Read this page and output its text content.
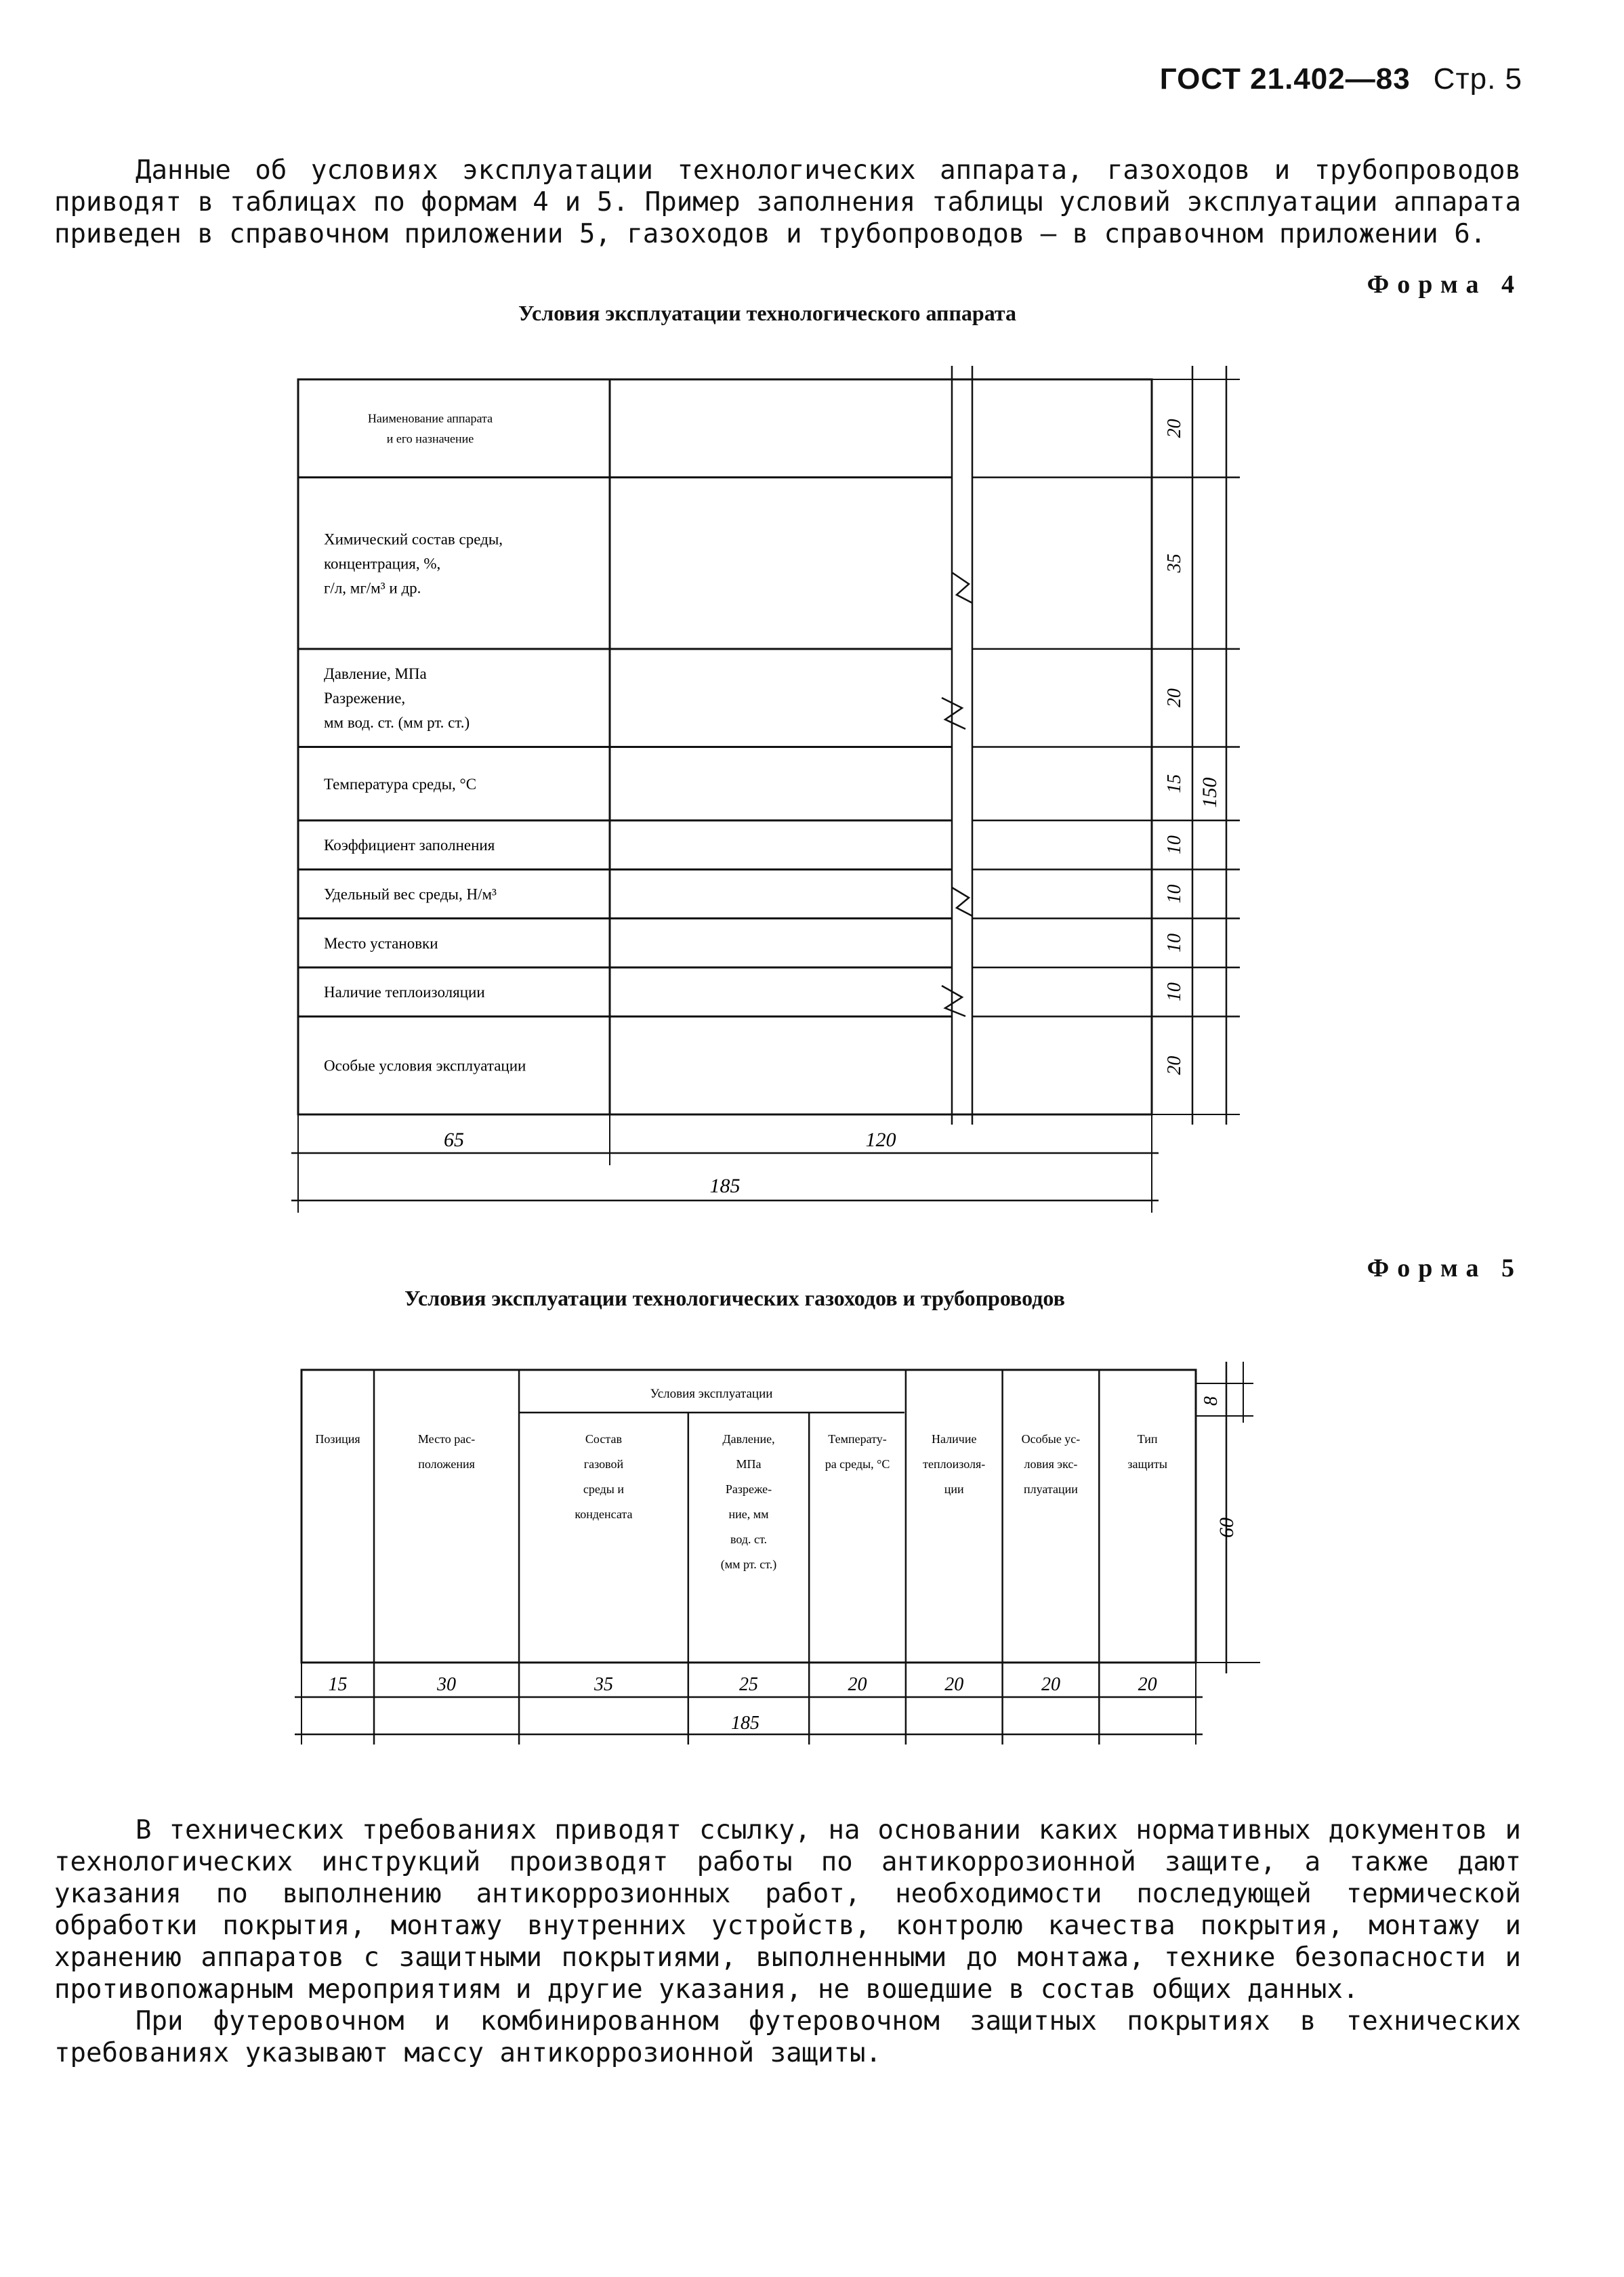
ГОСТ 21.402—83 Стр. 5
Данные об условиях эксплуатации технологических аппарата, газоходов и трубопроводов приводят в таблицах по формам 4 и 5. Пример заполнения таблицы условий эксплуатации аппарата приведен в справочном приложении 5, газоходов и трубопроводов — в справочном приложении 6.
Форма 4
Условия эксплуатации технологического аппарата
Наименование аппарата
и его назначение
Химический состав среды,
концентрация, %,
г/л, мг/м³ и др.
Давление, МПа
Разрежение,
мм вод. ст. (мм рт. ст.)
Температура среды, °С
Коэффициент заполнения
Удельный вес среды, Н/м³
Место установки
Наличие теплоизоляции
Особые условия эксплуатации
20
35
20
15
10
10
10
10
20
150
65	120
185
Форма 5
Условия эксплуатации технологических газоходов и трубопроводов
Позиция
15
Место рас-
положения
30
Состав
газовой
среды и
конденсата
35
Давление,
МПа
Разреже-
ние, мм
вод. ст.
(мм рт. ст.)
25
Температу-
ра среды, °С
20
Наличие
теплоизоля-
ции
20
Особые ус-
ловия экс-
плуатации
20
Тип
защиты
20
Условия эксплуатации	8
60
185
В технических требованиях приводят ссылку, на основании каких нормативных документов и технологических инструкций производят работы по антикоррозионной защите, а также дают указания по выполнению антикоррозионных работ, необходимости последующей термической обработки покрытия, монтажу внутренних устройств, контролю качества покрытия, монтажу и хранению аппаратов с защитными покрытиями, выполненными до монтажа, технике безопасности и противопожарным мероприятиям и другие указания, не вошедшие в состав общих данных.
При футеровочном и комбинированном футеровочном защитных покрытиях в технических требованиях указывают массу антикоррозионной защиты.
